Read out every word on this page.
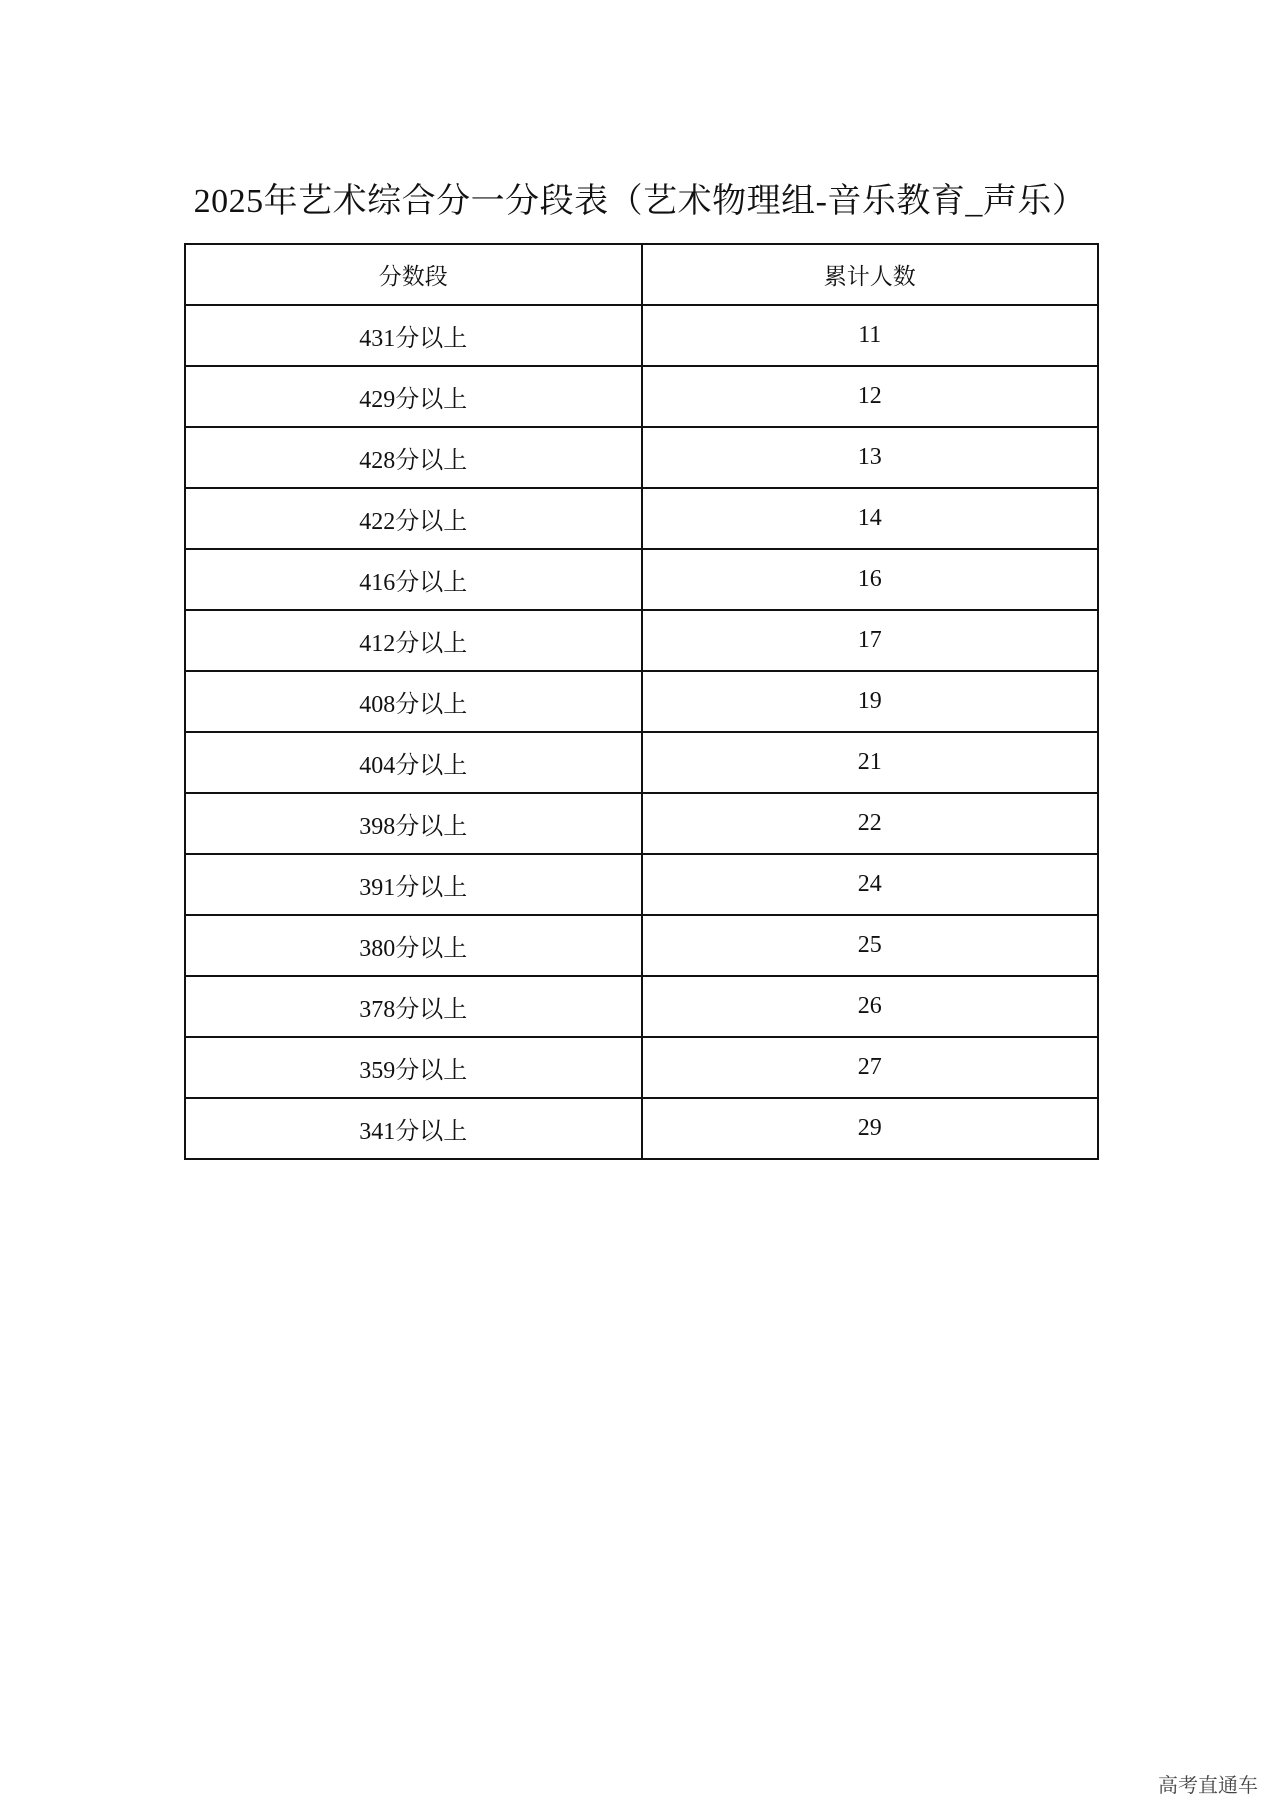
2025年艺术综合分一分段表（艺术物理组-音乐教育_声乐）
分数段	累计人数
431分以上	11
429分以上	12
428分以上	13
422分以上	14
416分以上	16
412分以上	17
408分以上	19
404分以上	21
398分以上	22
391分以上	24
380分以上	25
378分以上	26
359分以上	27
341分以上	29
高考直通车
